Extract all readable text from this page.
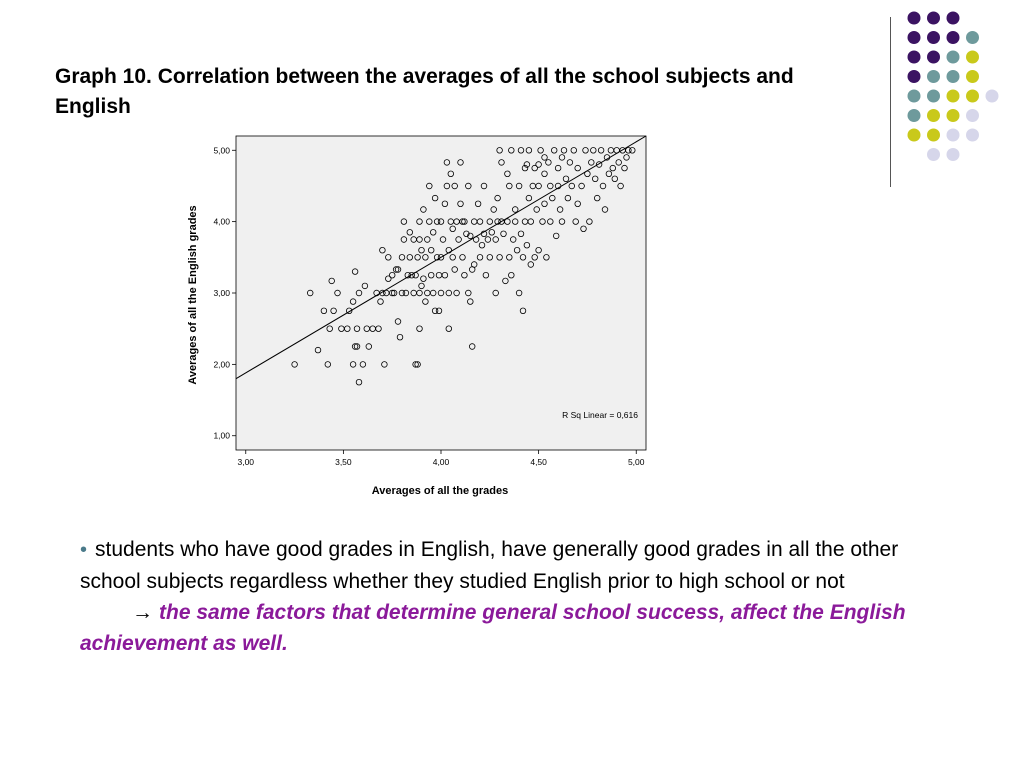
Graph 10. Correlation between the averages of all the school subjects and English
Averages of all the English grades
Averages of all the grades
1,00
2,00
3,00
4,00
5,00
3,00	3,50	4,00	4,50	5,00
R Sq Linear = 0,616
• students who have good grades in English, have generally good grades in all the other school subjects regardless whether they studied English prior to high school or not
→ the same factors that determine general school success, affect the English achievement as well.
